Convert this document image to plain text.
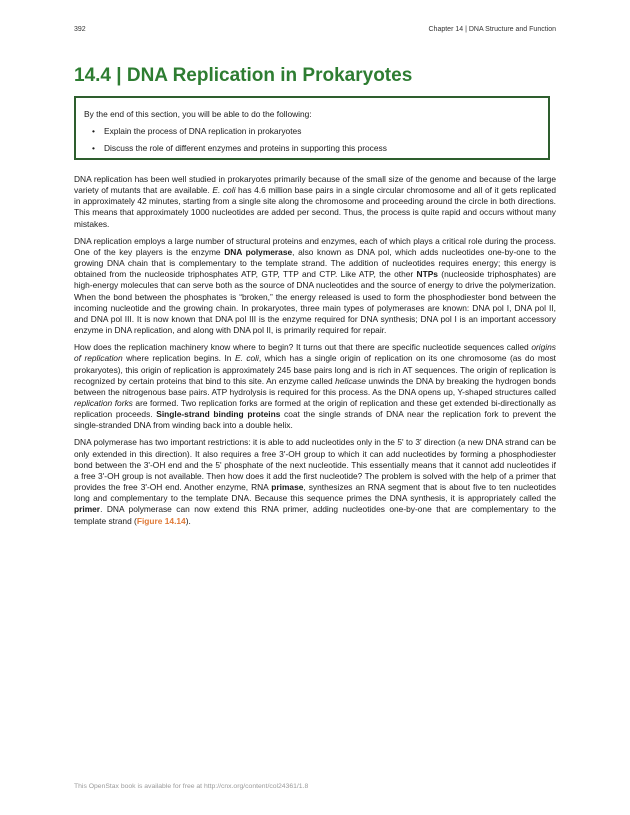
392	Chapter 14 | DNA Structure and Function
14.4 | DNA Replication in Prokaryotes

By the end of this section, you will be able to do the following:

• Explain the process of DNA replication in prokaryotes
• Discuss the role of different enzymes and proteins in supporting this process

DNA replication has been well studied in prokaryotes primarily because of the small size of the genome and because of the large variety of mutants that are available. E. coli has 4.6 million base pairs in a single circular chromosome and all of it gets replicated in approximately 42 minutes, starting from a single site along the chromosome and proceeding around the circle in both directions. This means that approximately 1000 nucleotides are added per second. Thus, the process is quite rapid and occurs without many mistakes.

DNA replication employs a large number of structural proteins and enzymes, each of which plays a critical role during the process. One of the key players is the enzyme DNA polymerase, also known as DNA pol, which adds nucleotides one-by-one to the growing DNA chain that is complementary to the template strand. The addition of nucleotides requires energy; this energy is obtained from the nucleoside triphosphates ATP, GTP, TTP and CTP. Like ATP, the other NTPs (nucleoside triphosphates) are high-energy molecules that can serve both as the source of DNA nucleotides and the source of energy to drive the polymerization. When the bond between the phosphates is “broken,” the energy released is used to form the phosphodiester bond between the incoming nucleotide and the growing chain. In prokaryotes, three main types of polymerases are known: DNA pol I, DNA pol II, and DNA pol III. It is now known that DNA pol III is the enzyme required for DNA synthesis; DNA pol I is an important accessory enzyme in DNA replication, and along with DNA pol II, is primarily required for repair.

How does the replication machinery know where to begin? It turns out that there are specific nucleotide sequences called origins of replication where replication begins. In E. coli, which has a single origin of replication on its one chromosome (as do most prokaryotes), this origin of replication is approximately 245 base pairs long and is rich in AT sequences. The origin of replication is recognized by certain proteins that bind to this site. An enzyme called helicase unwinds the DNA by breaking the hydrogen bonds between the nitrogenous base pairs. ATP hydrolysis is required for this process. As the DNA opens up, Y-shaped structures called replication forks are formed. Two replication forks are formed at the origin of replication and these get extended bi-directionally as replication proceeds. Single-strand binding proteins coat the single strands of DNA near the replication fork to prevent the single-stranded DNA from winding back into a double helix.

DNA polymerase has two important restrictions: it is able to add nucleotides only in the 5' to 3' direction (a new DNA strand can be only extended in this direction). It also requires a free 3'-OH group to which it can add nucleotides by forming a phosphodiester bond between the 3'-OH end and the 5' phosphate of the next nucleotide. This essentially means that it cannot add nucleotides if a free 3'-OH group is not available. Then how does it add the first nucleotide? The problem is solved with the help of a primer that provides the free 3'-OH end. Another enzyme, RNA primase, synthesizes an RNA segment that is about five to ten nucleotides long and complementary to the template DNA. Because this sequence primes the DNA synthesis, it is appropriately called the primer. DNA polymerase can now extend this RNA primer, adding nucleotides one-by-one that are complementary to the template strand (Figure 14.14).

This OpenStax book is available for free at http://cnx.org/content/col24361/1.8
